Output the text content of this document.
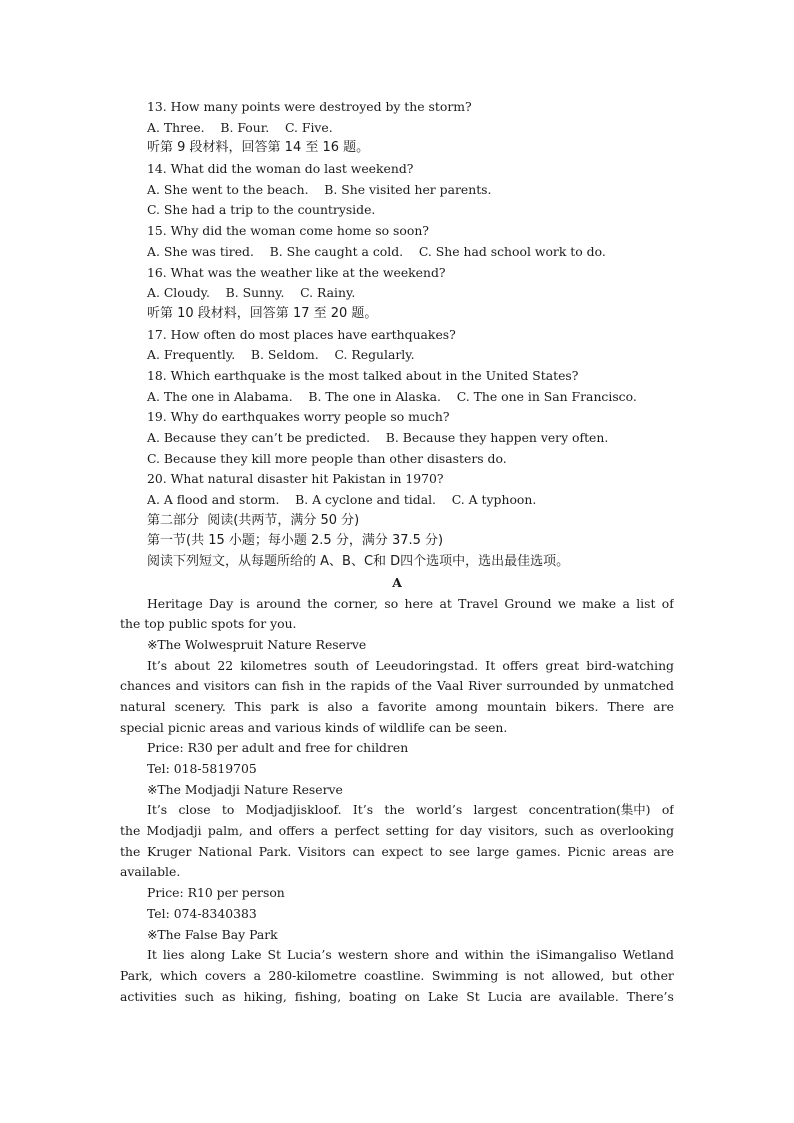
13. How many points were destroyed by the storm?
A. Three.    B. Four.    C. Five.
听第 9 段材料，回答第 14 至 16 题。
14. What did the woman do last weekend?
A. She went to the beach.    B. She visited her parents.
C. She had a trip to the countryside.
15. Why did the woman come home so soon?
A. She was tired.    B. She caught a cold.    C. She had school work to do.
16. What was the weather like at the weekend?
A. Cloudy.    B. Sunny.    C. Rainy.
听第 10 段材料，回答第 17 至 20 题。
17. How often do most places have earthquakes?
A. Frequently.    B. Seldom.    C. Regularly.
18. Which earthquake is the most talked about in the United States?
A. The one in Alabama.    B. The one in Alaska.    C. The one in San Francisco.
19. Why do earthquakes worry people so much?
A. Because they can’t be predicted.    B. Because they happen very often.
C. Because they kill more people than other disasters do.
20. What natural disaster hit Pakistan in 1970?
A. A flood and storm.    B. A cyclone and tidal.    C. A typhoon.
第二部分  阅读(共两节，满分 50 分)
第一节(共 15 小题；每小题 2.5 分，满分 37.5 分)
阅读下列短文，从每题所给的 A、B、C和 D四个选项中，选出最佳选项。
A
Heritage Day is around the corner, so here at Travel Ground we make a list of
the top public spots for you.
※The Wolwespruit Nature Reserve
It’s about 22 kilometres south of Leeudoringstad. It offers great bird-watching
chances and visitors can fish in the rapids of the Vaal River surrounded by unmatched
natural scenery. This park is also a favorite among mountain bikers. There are
special picnic areas and various kinds of wildlife can be seen.
Price: R30 per adult and free for children
Tel: 018-5819705
※The Modjadji Nature Reserve
It’s close to Modjadjiskloof. It’s the world’s largest concentration(集中) of
the Modjadji palm, and offers a perfect setting for day visitors, such as overlooking
the Kruger National Park. Visitors can expect to see large games. Picnic areas are
available.
Price: R10 per person
Tel: 074-8340383
※The False Bay Park
It lies along Lake St Lucia’s western shore and within the iSimangaliso Wetland
Park, which covers a 280-kilometre coastline. Swimming is not allowed, but other
activities such as hiking, fishing, boating on Lake St Lucia are available. There’s
